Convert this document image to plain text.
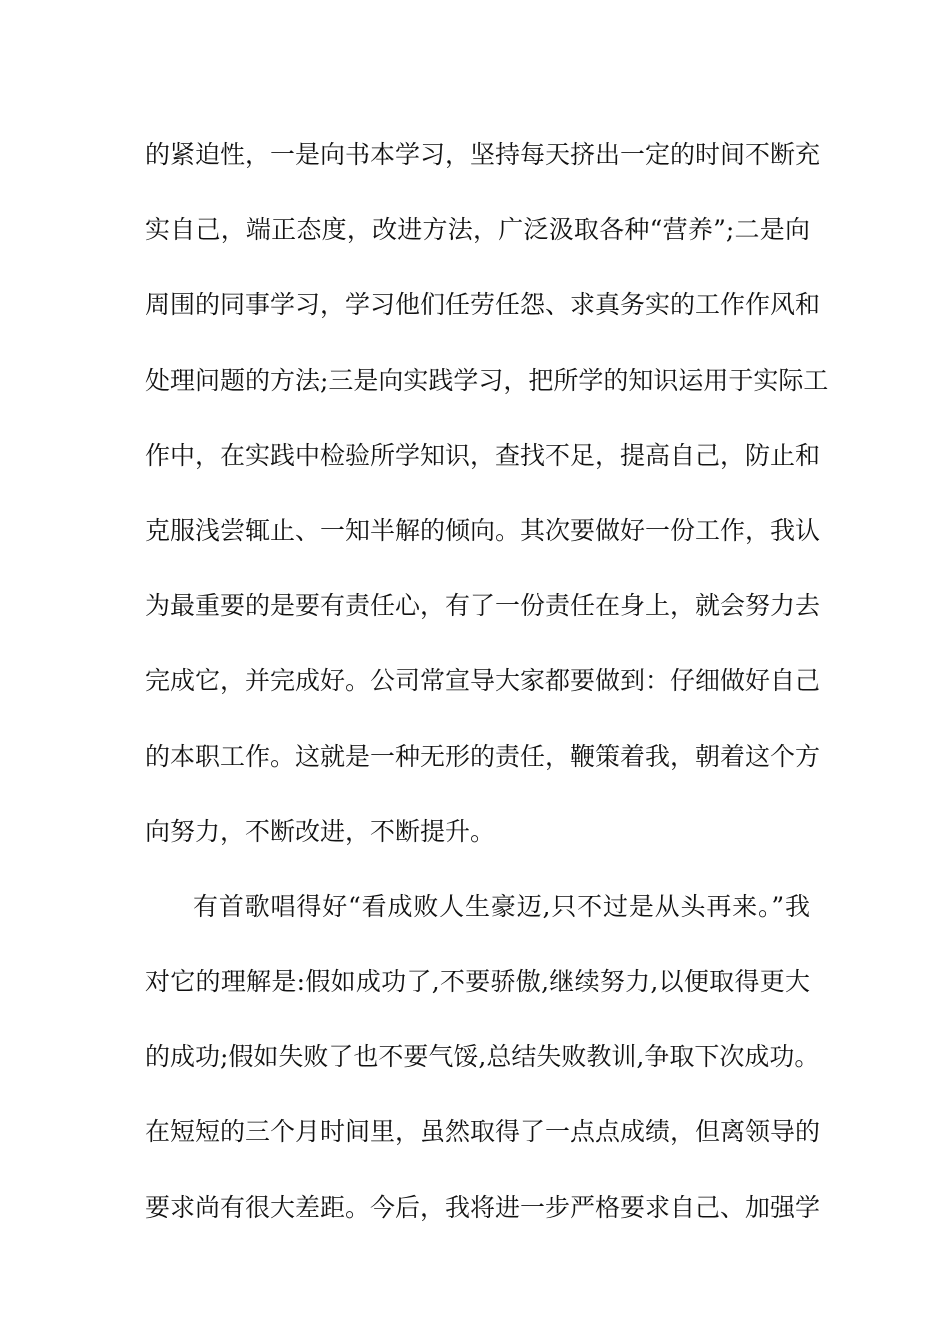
的紧迫性，一是向书本学习，坚持每天挤出一定的时间不断充
实自己，端正态度，改进方法，广泛汲取各种“营养”;二是向
周围的同事学习，学习他们任劳任怨、求真务实的工作作风和
处理问题的方法;三是向实践学习，把所学的知识运用于实际工
作中，在实践中检验所学知识，查找不足，提高自己，防止和
克服浅尝辄止、一知半解的倾向。其次要做好一份工作，我认
为最重要的是要有责任心，有了一份责任在身上，就会努力去
完成它，并完成好。公司常宣导大家都要做到：仔细做好自己
的本职工作。这就是一种无形的责任，鞭策着我，朝着这个方
向努力，不断改进，不断提升。
有首歌唱得好“看成败人生豪迈,只不过是从头再来。”我
对它的理解是:假如成功了,不要骄傲,继续努力,以便取得更大
的成功;假如失败了也不要气馁,总结失败教训,争取下次成功。
在短短的三个月时间里，虽然取得了一点点成绩，但离领导的
要求尚有很大差距。今后，我将进一步严格要求自己、加强学
